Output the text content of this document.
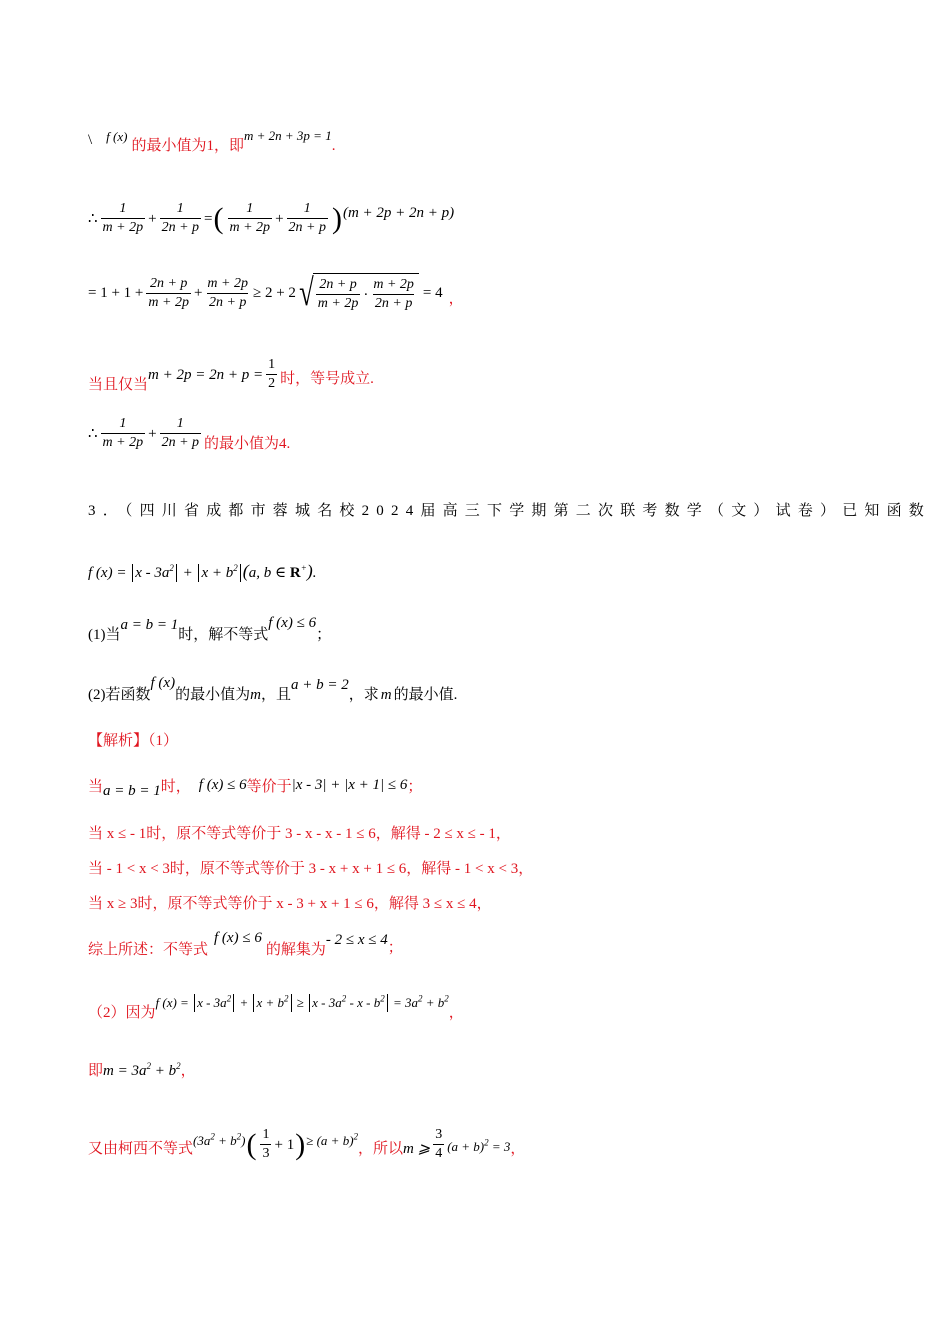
\ f (x)
的最小值为1，即
m + 2n + 3p = 1
.
∴ $\frac{1}{m + 2p} + \frac{1}{2n + p}$ = ( $\frac{1}{m + 2p} + \frac{1}{2n + p}$ ) (m + 2p + 2n + p)
= $1 + 1 + \frac{2n + p}{m + 2p} + \frac{m + 2p}{2n + p} \ge 2 + 2$ √ $\frac{2n + p}{m + 2p} \cdot \frac{m + 2p}{2n + p} = 4$ ，
当且仅当
$m + 2p = 2n + p = \frac{1}{2}$ 时，等号成立.
∴ $\frac{1}{m + 2p} + \frac{1}{2n + p}$ 的最小值为4.
3．（四川省成都市蓉城名校2024届高三下学期第二次联考数学（文）试卷）已知函数
f $(x) = x - 3a^2 + x + b^2$ (a, b ∈ R+).
(1)当
a = b = 1
时，解不等式
f (x) ≤ 6
；
(2)若函数
f (x)
的最小值为 m ，且
a + b = 2
，求 m 的最小值.
【解析】（1）
当 a = b = 1 时， f (x) ≤ 6 等价于 |x - 3| + |x + 1| ≤ 6 ；
当 x ≤ - 1时，原不等式等价于 3 - x - x - 1 ≤ 6，解得 - 2 ≤ x ≤ - 1，
当 - 1 < x < 3时，原不等式等价于 3 - x + x + 1 ≤ 6，解得 - 1 < x < 3，
当 x ≥ 3时，原不等式等价于 x - 3 + x + 1 ≤ 6，解得 3 ≤ x ≤ 4，
综上所述：不等式
f (x) ≤ 6
的解集为
- 2 ≤ x ≤ 4 ；
（2）因为
f $(x) = x - 3a^2 + x + b^2 \ge x - 3a^2 - x - b^2 = 3a^2 + b^2$
，
即 $m = 3a^2 + b^2$ ，
又由柯西不等式
$(3a^2 + b^2)$ ( $\frac{1}{3} + 1$ ) ≥ $(a + b)^2$
，所以 m ⩾ $\frac{3}{4} (a + b)^2 = 3$ ，
